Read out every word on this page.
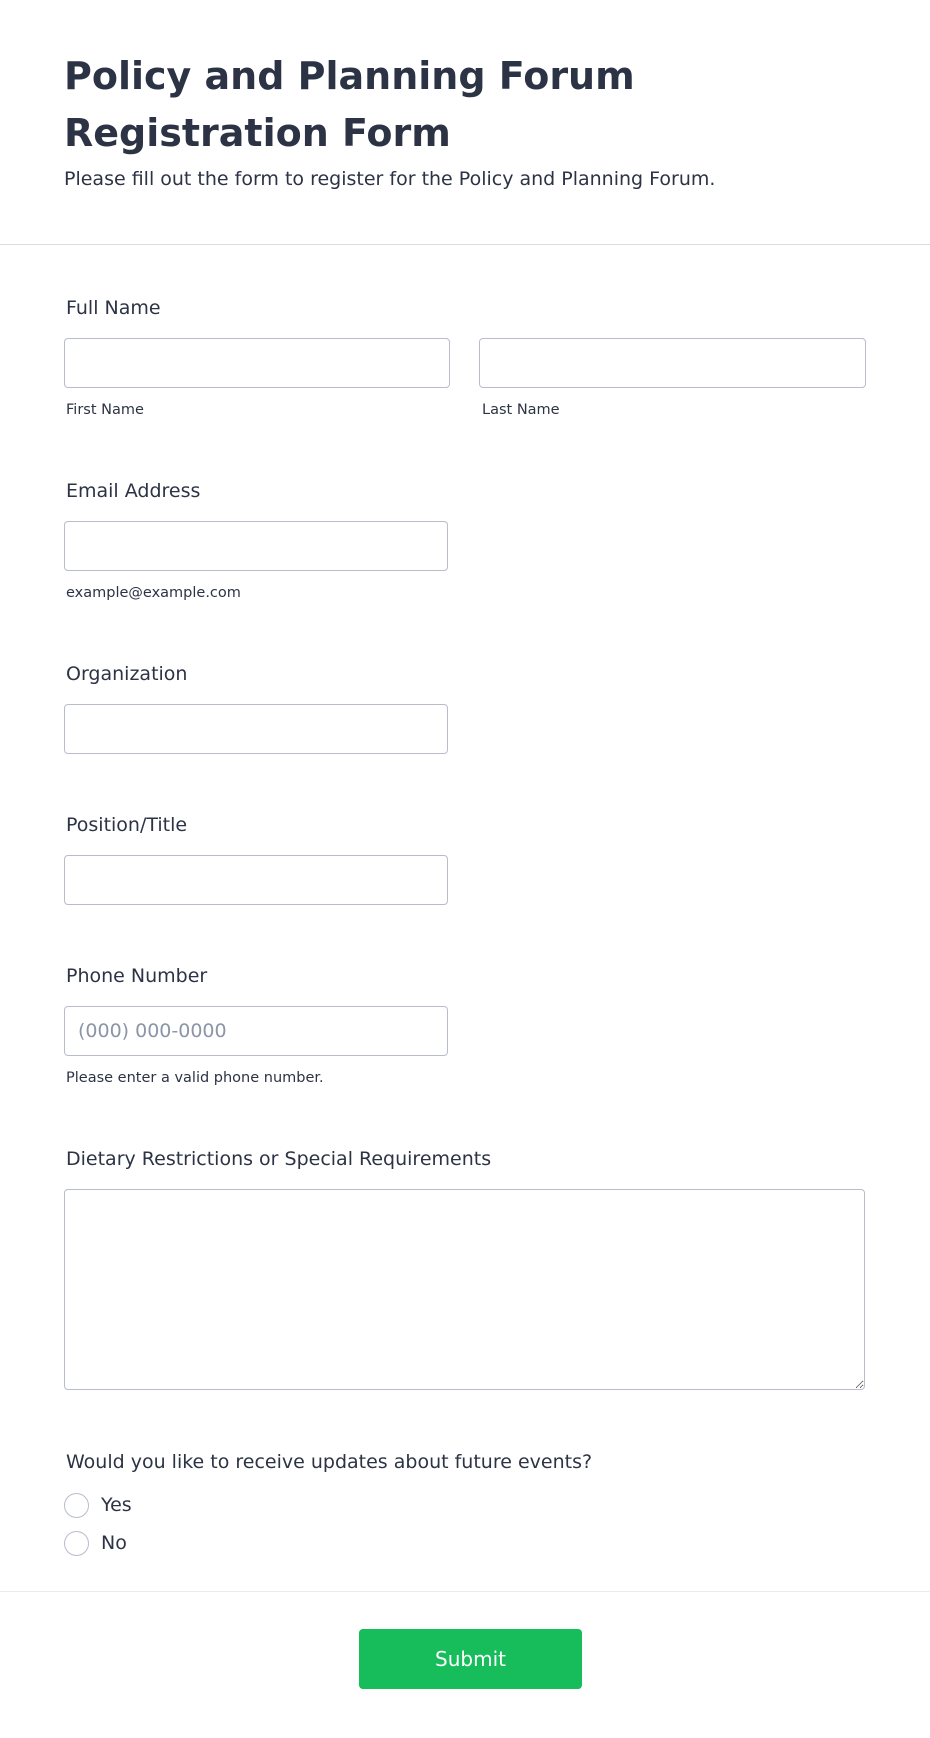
Policy and Planning Forum Registration Form
Please fill out the form to register for the Policy and Planning Forum.
Full Name
First Name	Last Name
Email Address
example@example.com
Organization
Position/Title
Phone Number
(000) 000-0000
Please enter a valid phone number.
Dietary Restrictions or Special Requirements
Would you like to receive updates about future events?
Yes
No
Submit
